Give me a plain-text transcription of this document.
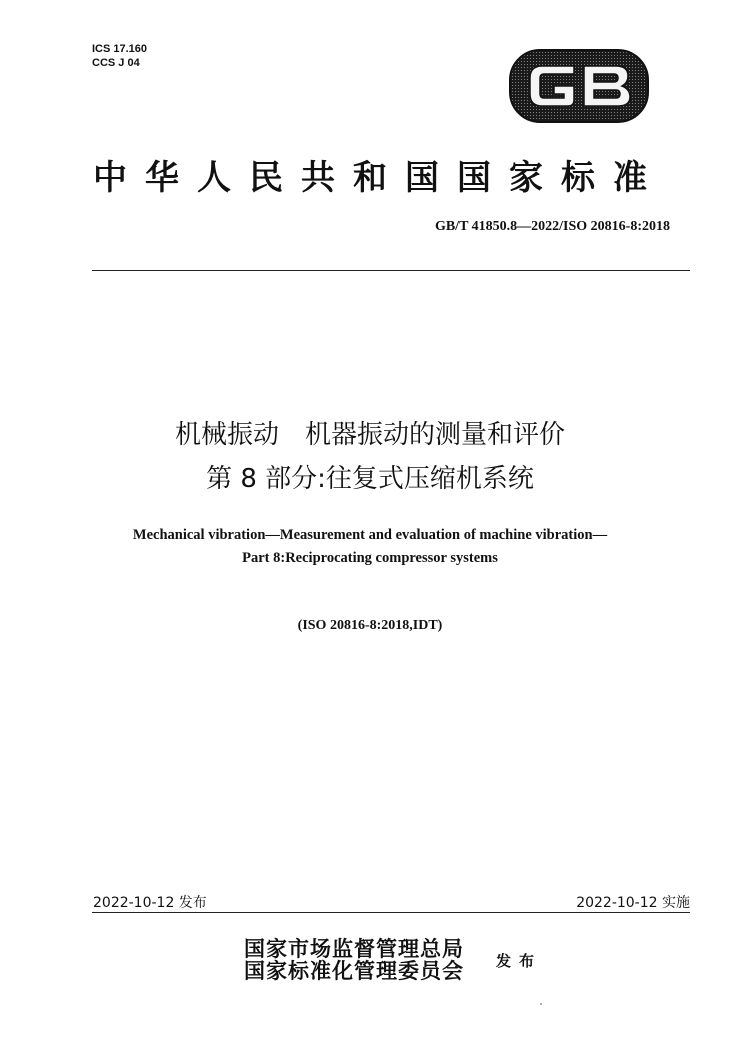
ICS 17.160
CCS J 04
中华人民共和国国家标准
GB/T 41850.8—2022/ISO 20816-8:2018
机械振动　机器振动的测量和评价
第 8 部分:往复式压缩机系统
Mechanical vibration—Measurement and evaluation of machine vibration—
Part 8:Reciprocating compressor systems
(ISO 20816-8:2018,IDT)
2022-10-12 发布	2022-10-12 实施
国家市场监督管理总局
国家标准化管理委员会 发布
